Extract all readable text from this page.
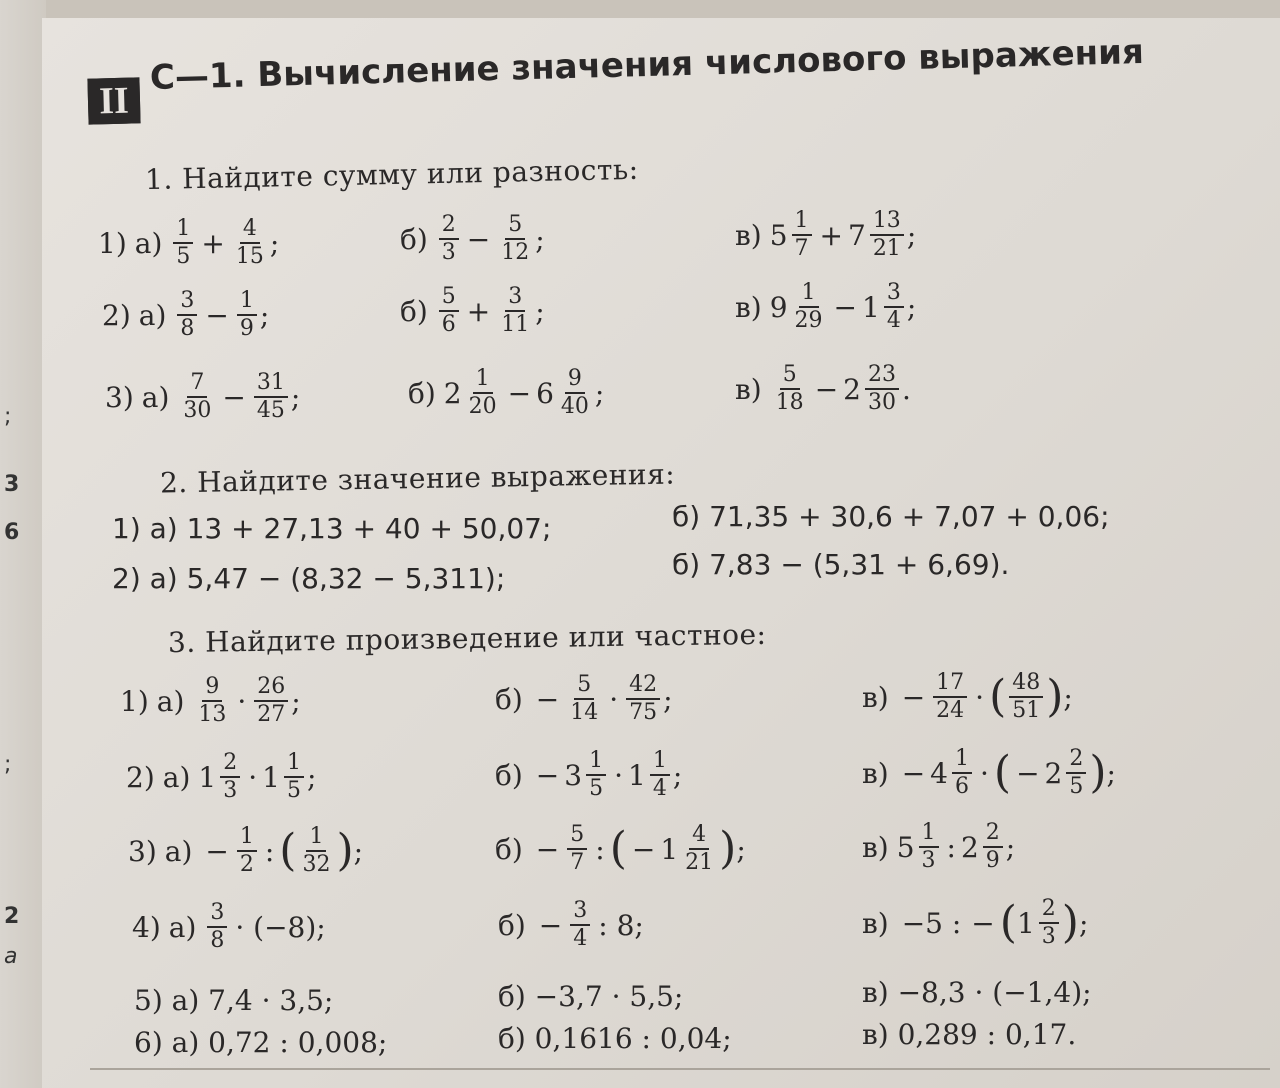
;
3
6
;
2
a
II
С—1. Вычисление значения числового выражения
1. Найдите сумму или разность:
1) $а) \frac{1}{5} + \frac{4}{15}$ ;	$б) \frac{2}{3} - \frac{5}{12}$ ;	в) $5 \frac{1}{7} + 7 \frac{13}{21}$ ;
2) $а) \frac{3}{8} - \frac{1}{9}$ ;	$б) \frac{5}{6} + \frac{3}{11}$ ;	в) $9 \frac{1}{29} - 1 \frac{3}{4}$ ;
3) $а) \frac{7}{30} - \frac{31}{45}$ ;	б) $2 \frac{1}{20} - 6 \frac{9}{40}$ ;	$в) \frac{5}{18} - 2 \frac{23}{30}$ .
2. Найдите значение выражения:
1) а) 13 + 27,13 + 40 + 50,07;	б) 71,35 + 30,6 + 7,07 + 0,06;
2) а) 5,47 − (8,32 − 5,311);	б) 7,83 − (5,31 + 6,69).
3. Найдите произведение или частное:
1) $а) \frac{9}{13} \cdot \frac{26}{27}$ ;	$б) - \frac{5}{14} \cdot \frac{42}{75}$ ;	$в) - \frac{17}{24}$ · ( $\frac{48}{51}$ ) ;
2) а) $1 \frac{2}{3} \cdot 1 \frac{1}{5}$ ;	$б) - 3 \frac{1}{5} \cdot 1 \frac{1}{4}$ ;	$в) - 4 \frac{1}{6}$ · ( − $2 \frac{2}{5}$ ) ;
3) $а) - \frac{1}{2}$ : ( $\frac{1}{32}$ ) ;	$б) - \frac{5}{7}$ : ( − $1 \frac{4}{21}$ ) ;	в) $5 \frac{1}{3}$ : $2 \frac{2}{9}$ ;
4) $а) \frac{3}{8} \cdot (-8)$;	$б) - \frac{3}{4}$ : 8;	в) −5 : − ( $1 \frac{2}{3}$ ) ;
5) а) 7,4 · 3,5;	б) −3,7 · 5,5;	в) −8,3 · (−1,4);
6) а) 0,72 : 0,008;	б) 0,1616 : 0,04;	в) 0,289 : 0,17.
